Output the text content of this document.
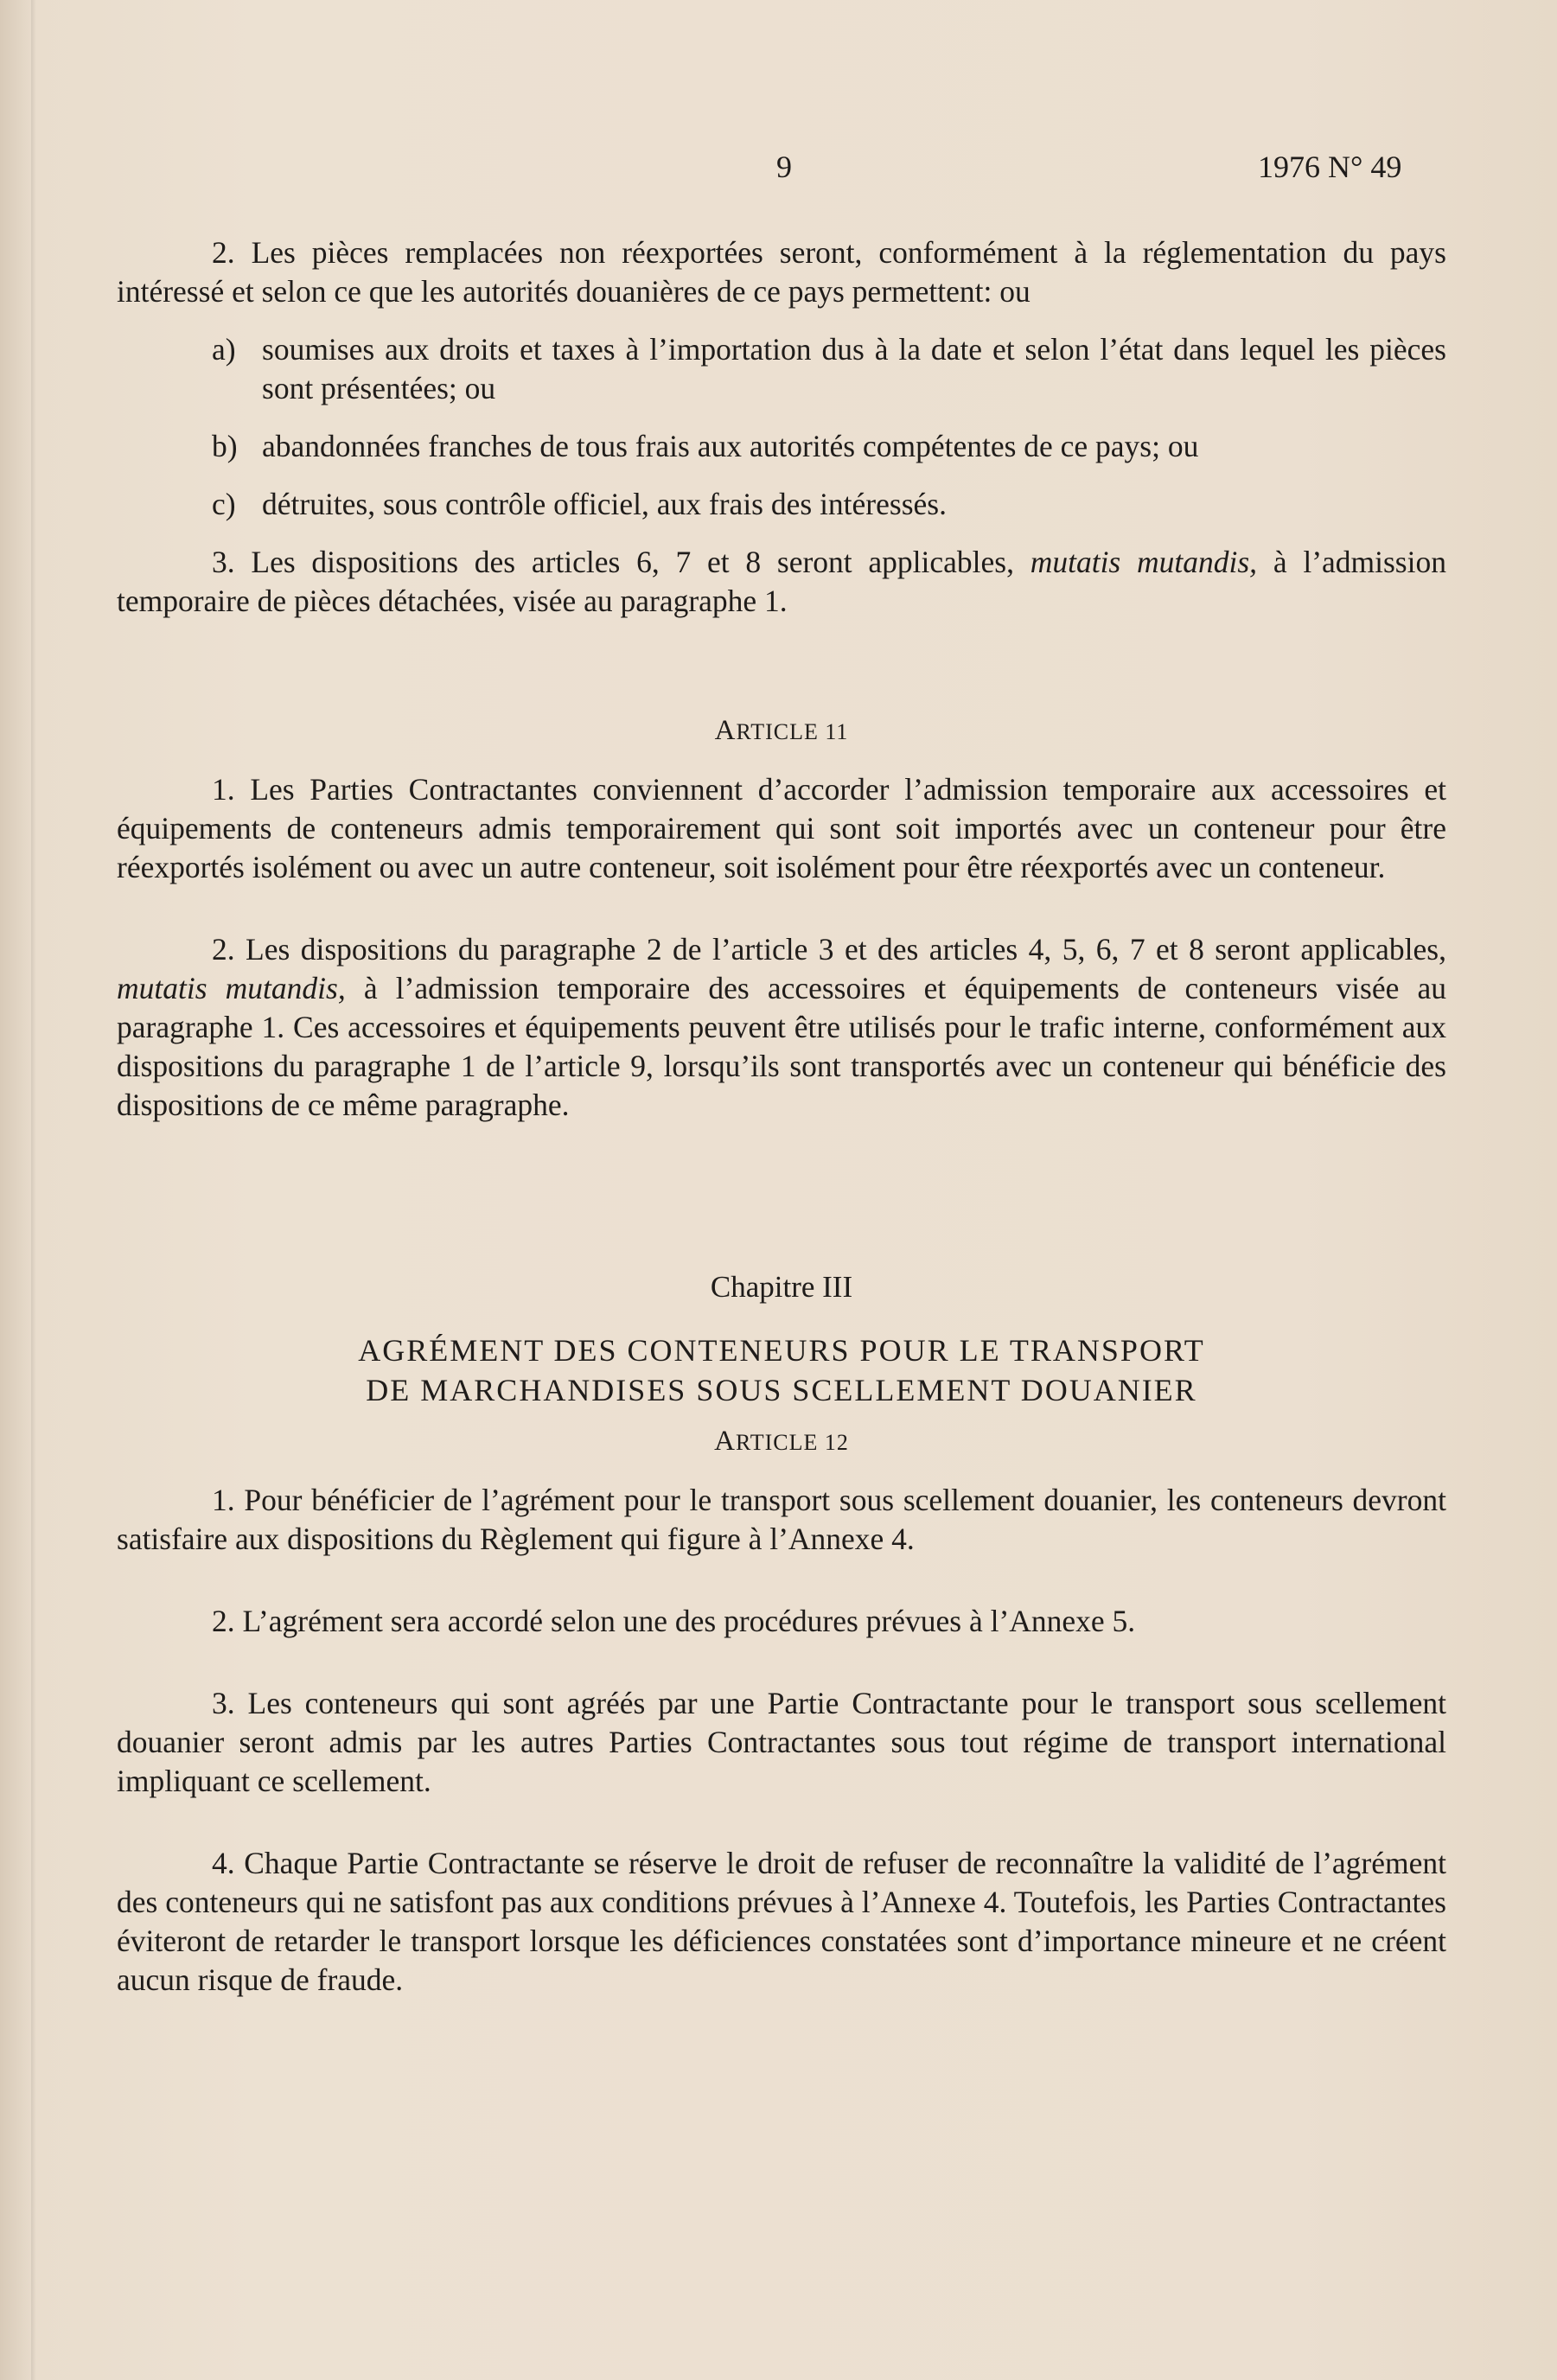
9	1976 N° 49

2. Les pièces remplacées non réexportées seront, conformément à la réglementation du pays intéressé et selon ce que les autorités douanières de ce pays permettent: ou

a) soumises aux droits et taxes à l’importation dus à la date et selon l’état dans lequel les pièces sont présentées; ou

b) abandonnées franches de tous frais aux autorités compétentes de ce pays; ou

c) détruites, sous contrôle officiel, aux frais des intéressés.

3. Les dispositions des articles 6, 7 et 8 seront applicables, mutatis mutandis, à l’admission temporaire de pièces détachées, visée au paragraphe 1.

ARTICLE 11

1. Les Parties Contractantes conviennent d’accorder l’admission temporaire aux accessoires et équipements de conteneurs admis temporairement qui sont soit importés avec un conteneur pour être réexportés isolément ou avec un autre conteneur, soit isolément pour être réexportés avec un conteneur.

2. Les dispositions du paragraphe 2 de l’article 3 et des articles 4, 5, 6, 7 et 8 seront applicables, mutatis mutandis, à l’admission temporaire des accessoires et équipements de conteneurs visée au paragraphe 1. Ces accessoires et équipements peuvent être utilisés pour le trafic interne, conformément aux dispositions du paragraphe 1 de l’article 9, lorsqu’ils sont transportés avec un conteneur qui bénéficie des dispositions de ce même paragraphe.

Chapitre III

AGRÉMENT DES CONTENEURS POUR LE TRANSPORT
DE MARCHANDISES SOUS SCELLEMENT DOUANIER

ARTICLE 12

1. Pour bénéficier de l’agrément pour le transport sous scellement douanier, les conteneurs devront satisfaire aux dispositions du Règlement qui figure à l’Annexe 4.

2. L’agrément sera accordé selon une des procédures prévues à l’Annexe 5.

3. Les conteneurs qui sont agréés par une Partie Contractante pour le transport sous scellement douanier seront admis par les autres Parties Contractantes sous tout régime de transport international impliquant ce scellement.

4. Chaque Partie Contractante se réserve le droit de refuser de reconnaître la validité de l’agrément des conteneurs qui ne satisfont pas aux conditions prévues à l’Annexe 4. Toutefois, les Parties Contractantes éviteront de retarder le transport lorsque les déficiences constatées sont d’importance mineure et ne créent aucun risque de fraude.
